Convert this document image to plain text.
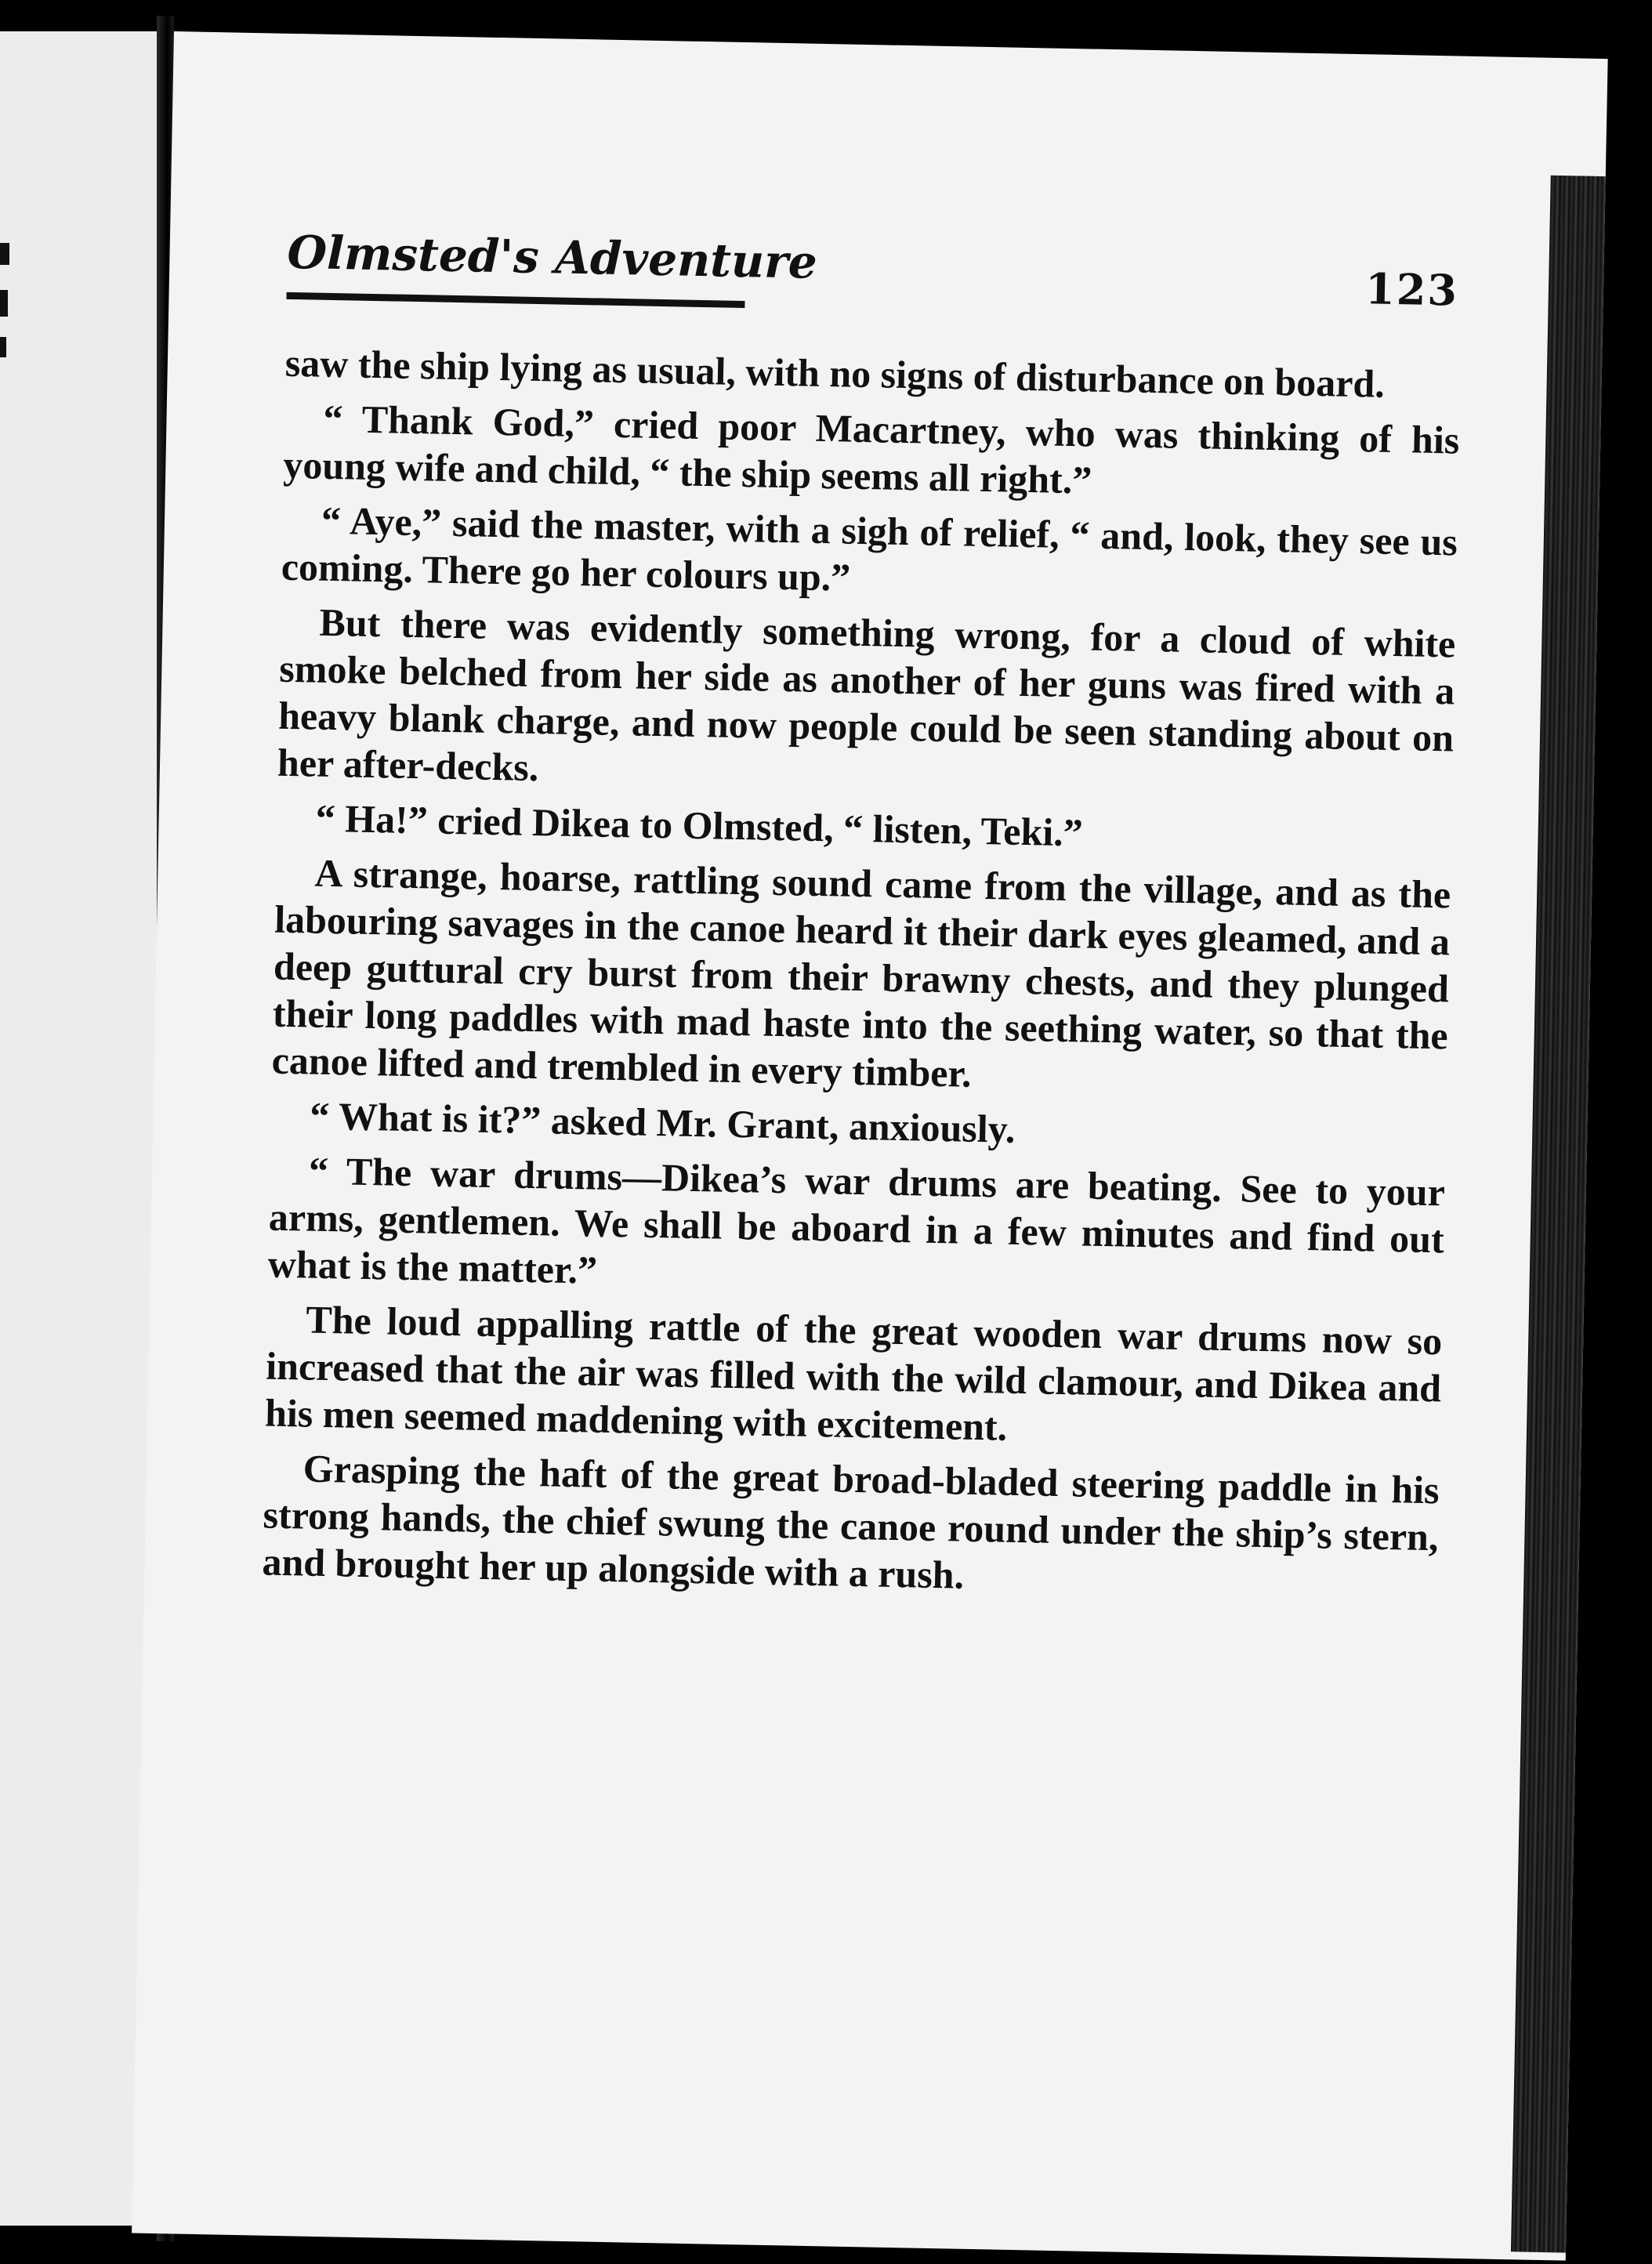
Olmsted's Adventure
123

saw the ship lying as usual, with no signs of disturbance on board.

“ Thank God,” cried poor Macartney, who was thinking of his young wife and child, “ the ship seems all right.”

“ Aye,” said the master, with a sigh of relief, “ and, look, they see us coming. There go her colours up.”

But there was evidently something wrong, for a cloud of white smoke belched from her side as another of her guns was fired with a heavy blank charge, and now people could be seen standing about on her after-decks.

“ Ha!” cried Dikea to Olmsted, “ listen, Teki.”

A strange, hoarse, rattling sound came from the village, and as the labouring savages in the canoe heard it their dark eyes gleamed, and a deep guttural cry burst from their brawny chests, and they plunged their long paddles with mad haste into the seething water, so that the canoe lifted and trembled in every timber.

“ What is it?” asked Mr. Grant, anxiously.

“ The war drums—Dikea’s war drums are beating. See to your arms, gentlemen. We shall be aboard in a few minutes and find out what is the matter.”

The loud appalling rattle of the great wooden war drums now so increased that the air was filled with the wild clamour, and Dikea and his men seemed maddening with excitement.

Grasping the haft of the great broad-bladed steering paddle in his strong hands, the chief swung the canoe round under the ship’s stern, and brought her up alongside with a rush.
